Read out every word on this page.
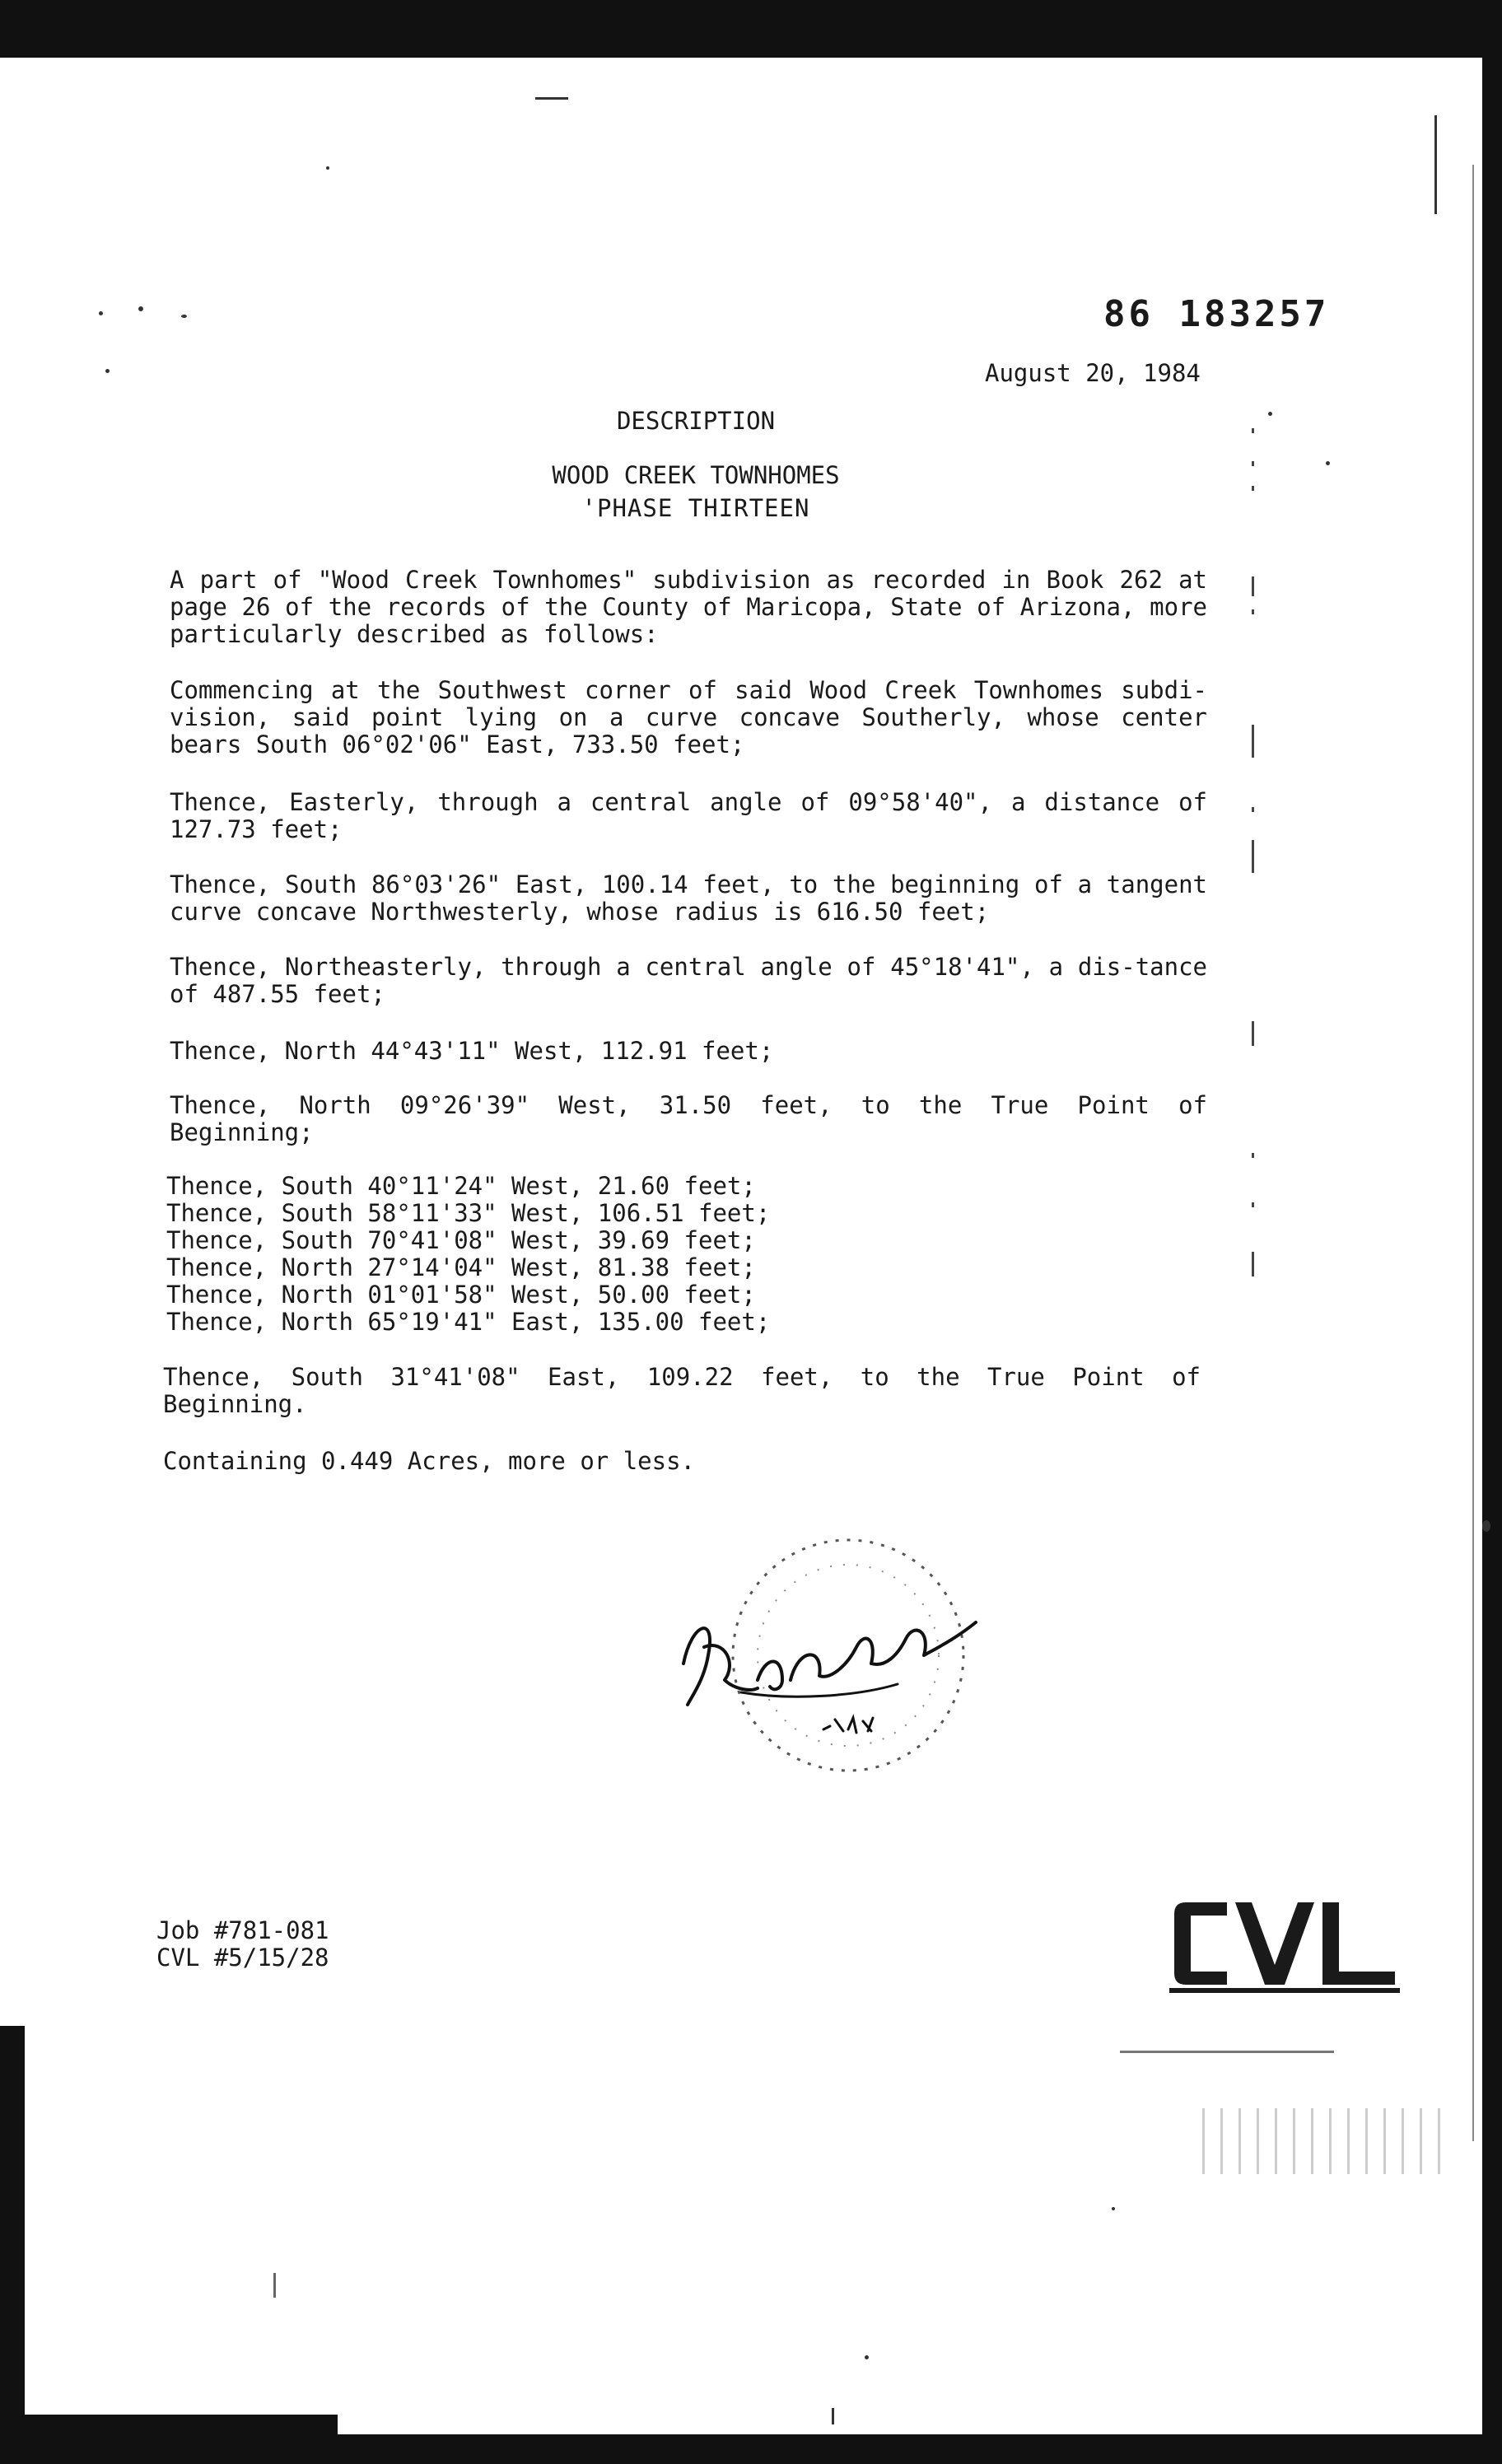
86 183257
August 20, 1984
DESCRIPTION
WOOD CREEK TOWNHOMES
'PHASE THIRTEEN

A part of "Wood Creek Townhomes" subdivision as recorded in Book 262 at page 26 of the records of the County of Maricopa, State of Arizona, more particularly described as follows:

Commencing at the Southwest corner of said Wood Creek Townhomes subdi-vision, said point lying on a curve concave Southerly, whose center bears South 06°02'06" East, 733.50 feet;

Thence, Easterly, through a central angle of 09°58'40", a distance of 127.73 feet;

Thence, South 86°03'26" East, 100.14 feet, to the beginning of a tangent curve concave Northwesterly, whose radius is 616.50 feet;

Thence, Northeasterly, through a central angle of 45°18'41", a dis-tance of 487.55 feet;

Thence, North 44°43'11" West, 112.91 feet;

Thence, North 09°26'39" West, 31.50 feet, to the True Point of Beginning;

Thence, South 40°11'24" West, 21.60 feet;
Thence, South 58°11'33" West, 106.51 feet;
Thence, South 70°41'08" West, 39.69 feet;
Thence, North 27°14'04" West, 81.38 feet;
Thence, North 01°01'58" West, 50.00 feet;
Thence, North 65°19'41" East, 135.00 feet;

Thence, South 31°41'08" East, 109.22 feet, to the True Point of Beginning.

Containing 0.449 Acres, more or less.

Job #781-081
CVL #5/15/28
